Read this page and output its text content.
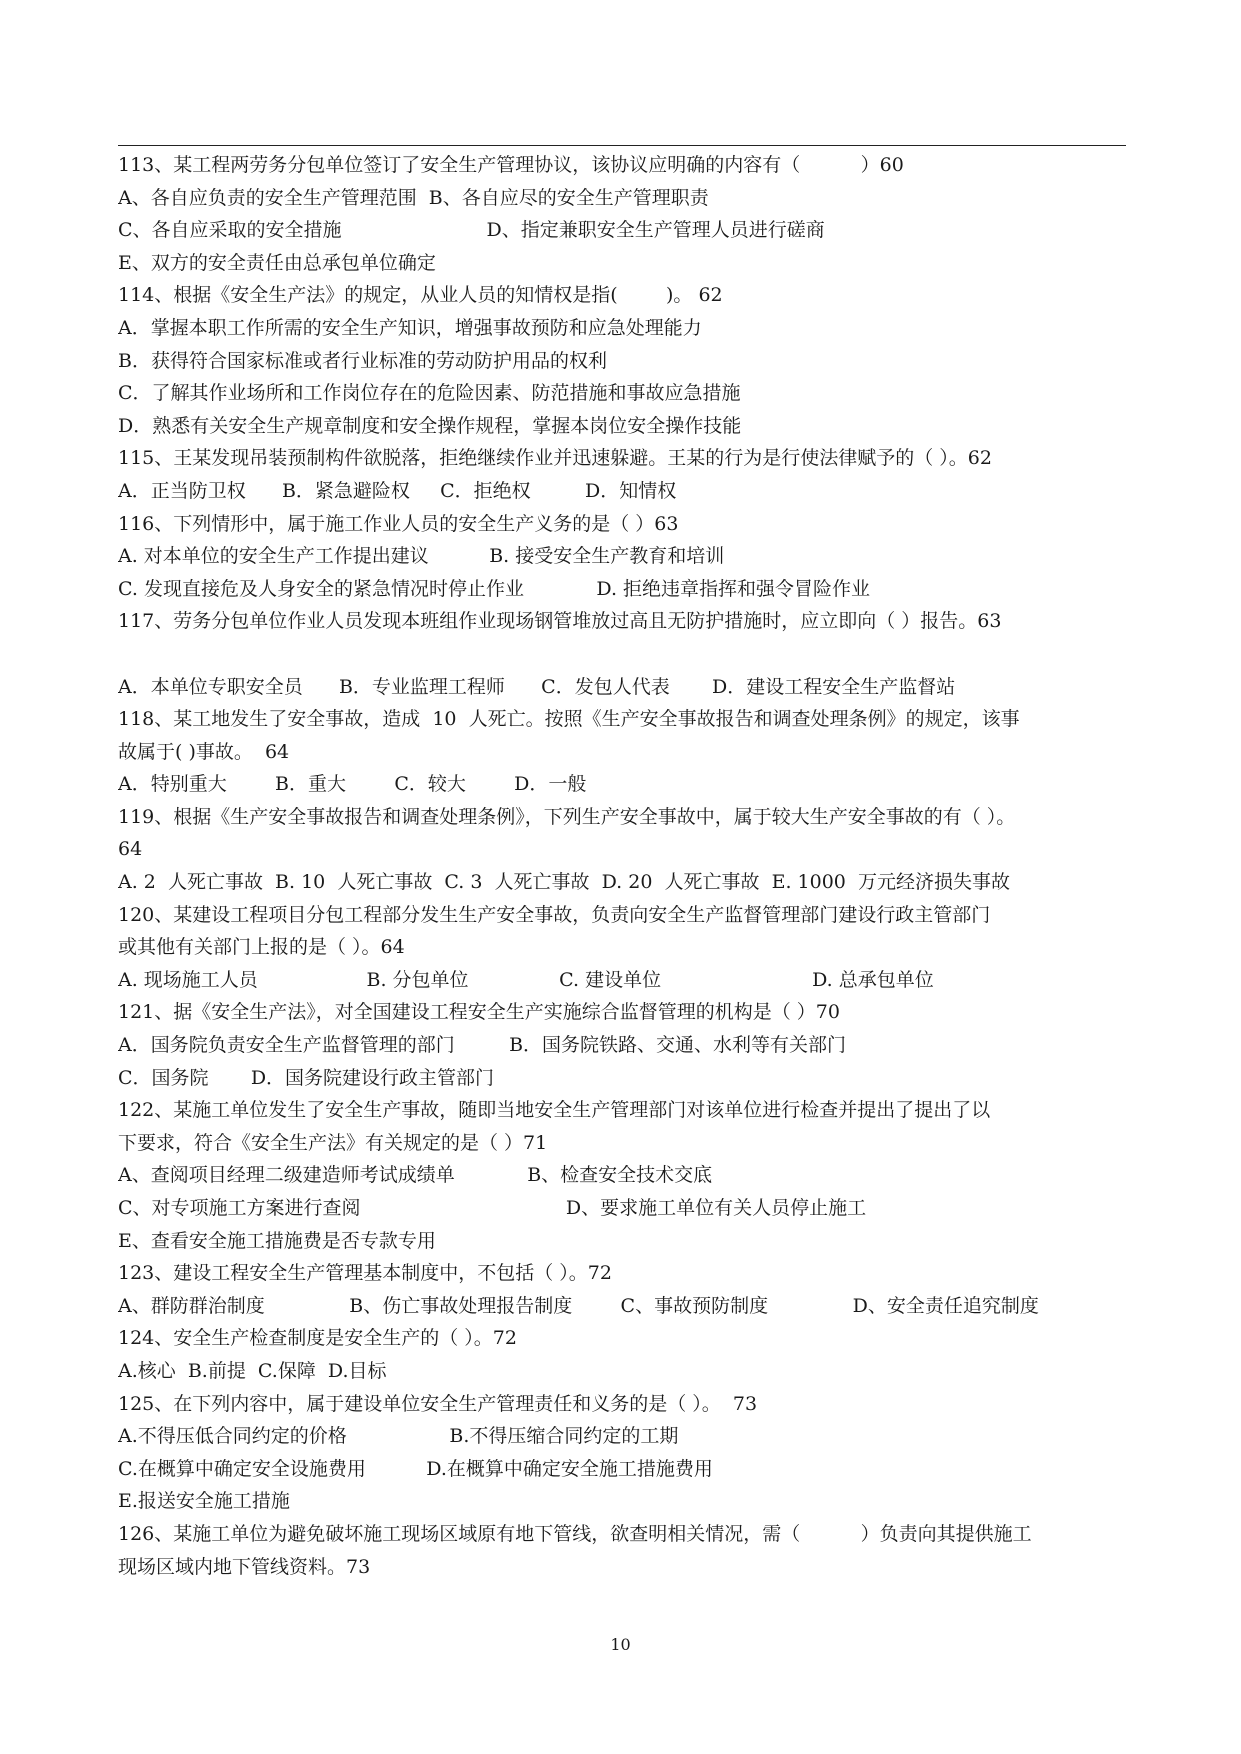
113、某工程两劳务分包单位签订了安全生产管理协议，该协议应明确的内容有（          ）60
A、各自应负责的安全生产管理范围  B、各自应尽的安全生产管理职责
C、各自应采取的安全措施                        D、指定兼职安全生产管理人员进行磋商
E、双方的安全责任由总承包单位确定
114、根据《安全生产法》的规定，从业人员的知情权是指(        )。 62
A．掌握本职工作所需的安全生产知识，增强事故预防和应急处理能力
B．获得符合国家标准或者行业标准的劳动防护用品的权利
C．了解其作业场所和工作岗位存在的危险因素、防范措施和事故应急措施
D．熟悉有关安全生产规章制度和安全操作规程，掌握本岗位安全操作技能
115、王某发现吊装预制构件欲脱落，拒绝继续作业并迅速躲避。王某的行为是行使法律赋予的（ ）。62
A．正当防卫权      B．紧急避险权     C．拒绝权         D．知情权
116、下列情形中，属于施工作业人员的安全生产义务的是（ ）63
A. 对本单位的安全生产工作提出建议          B. 接受安全生产教育和培训
C. 发现直接危及人身安全的紧急情况时停止作业            D. 拒绝违章指挥和强令冒险作业
117、劳务分包单位作业人员发现本班组作业现场钢管堆放过高且无防护措施时，应立即向（ ）报告。63
A．本单位专职安全员      B．专业监理工程师      C．发包人代表       D．建设工程安全生产监督站
118、某工地发生了安全事故，造成  10  人死亡。按照《生产安全事故报告和调查处理条例》的规定，该事
故属于( )事故。  64
A．特别重大        B．重大        C．较大        D．一般
119、根据《生产安全事故报告和调查处理条例》，下列生产安全事故中，属于较大生产安全事故的有（ ）。
64
A. 2  人死亡事故  B. 10  人死亡事故  C. 3  人死亡事故  D. 20  人死亡事故  E. 1000  万元经济损失事故
120、某建设工程项目分包工程部分发生生产安全事故，负责向安全生产监督管理部门建设行政主管部门
或其他有关部门上报的是（ ）。64
A. 现场施工人员                  B. 分包单位               C. 建设单位                         D. 总承包单位
121、据《安全生产法》，对全国建设工程安全生产实施综合监督管理的机构是（ ）70
A．国务院负责安全生产监督管理的部门         B．国务院铁路、交通、水利等有关部门
C．国务院       D．国务院建设行政主管部门
122、某施工单位发生了安全生产事故，随即当地安全生产管理部门对该单位进行检查并提出了提出了以
下要求，符合《安全生产法》有关规定的是（ ）71
A、查阅项目经理二级建造师考试成绩单            B、检查安全技术交底
C、对专项施工方案进行查阅                                  D、要求施工单位有关人员停止施工
E、查看安全施工措施费是否专款专用
123、建设工程安全生产管理基本制度中，不包括（ ）。72
A、群防群治制度              B、伤亡事故处理报告制度        C、事故预防制度              D、安全责任追究制度
124、安全生产检查制度是安全生产的（ ）。72
A.核心  B.前提  C.保障  D.目标
125、在下列内容中，属于建设单位安全生产管理责任和义务的是（ ）。  73
A.不得压低合同约定的价格                 B.不得压缩合同约定的工期
C.在概算中确定安全设施费用          D.在概算中确定安全施工措施费用
E.报送安全施工措施
126、某施工单位为避免破坏施工现场区域原有地下管线，欲查明相关情况，需（          ）负责向其提供施工
现场区域内地下管线资料。73
10
